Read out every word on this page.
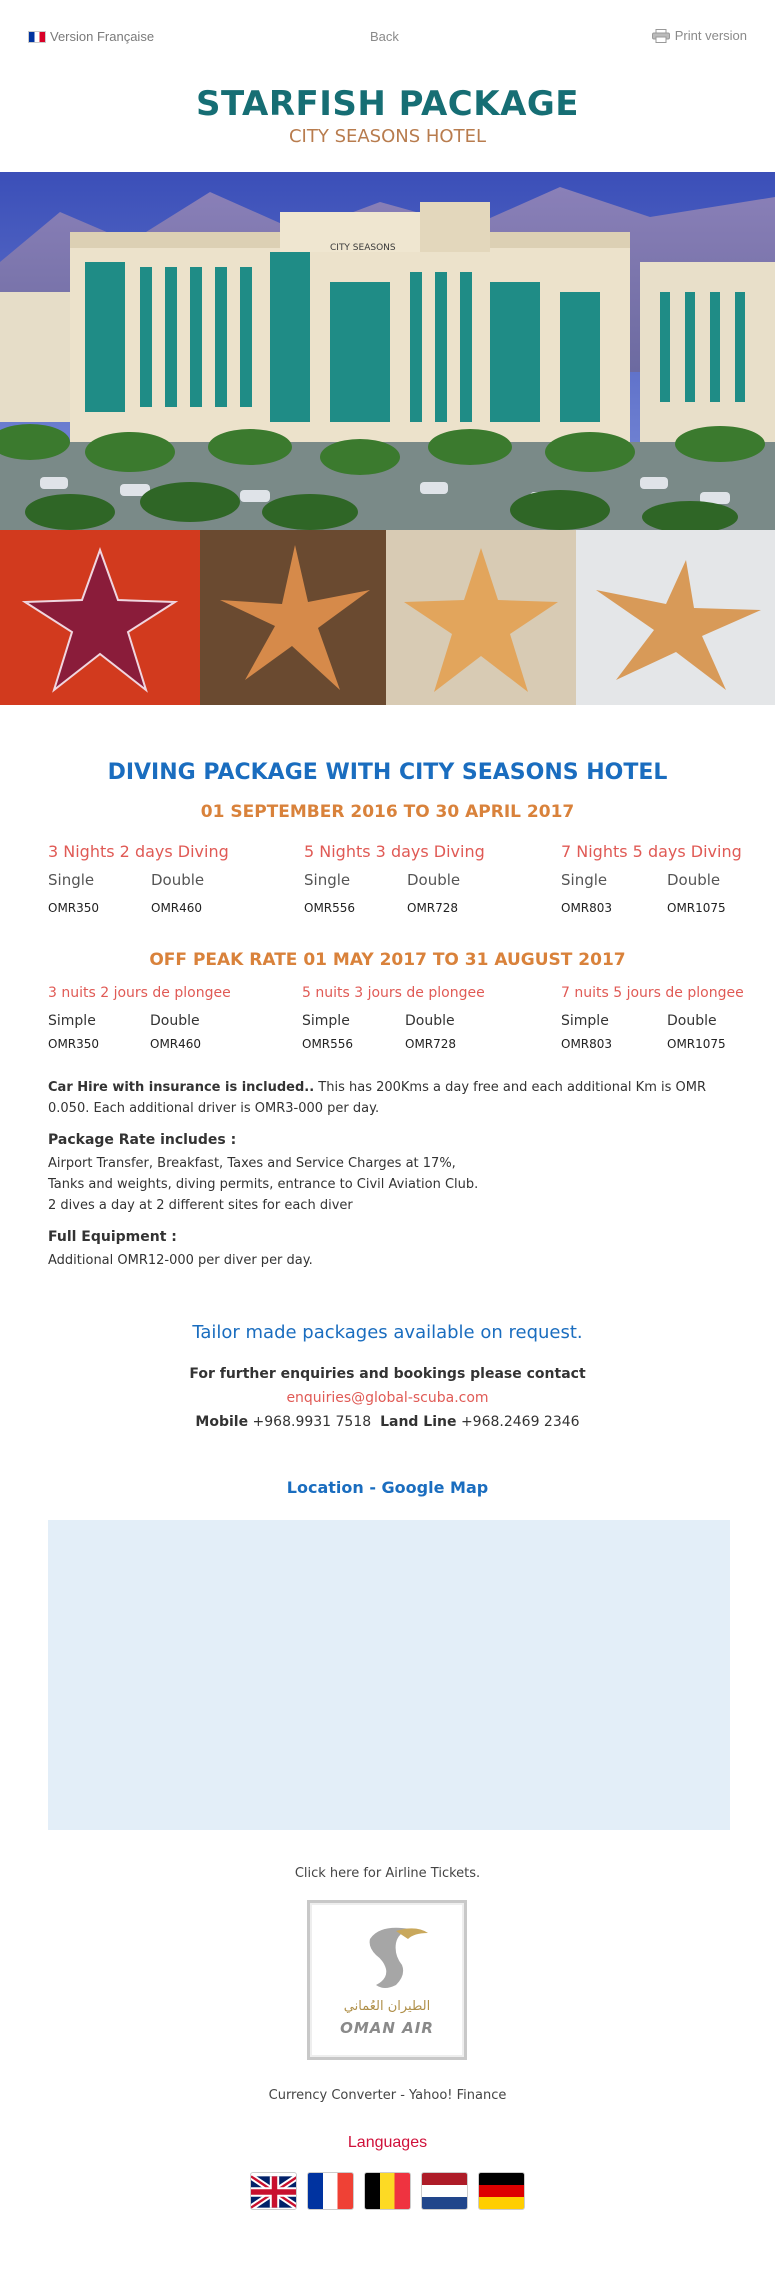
Version Française	Back	Print version
STARFISH PACKAGE
CITY SEASONS HOTEL
CITY SEASONS
DIVING PACKAGE WITH CITY SEASONS HOTEL
01 SEPTEMBER 2016 TO 30 APRIL 2017
3 Nights 2 days Diving
Single	Double
OMR350	OMR460
5 Nights 3 days Diving
Single	Double
OMR556	OMR728
7 Nights 5 days Diving
Single	Double
OMR803	OMR1075
OFF PEAK RATE 01 MAY 2017 TO 31 AUGUST 2017
3 nuits 2 jours de plongee
Simple	Double
OMR350	OMR460
5 nuits 3 jours de plongee
Simple	Double
OMR556	OMR728
7 nuits 5 jours de plongee
Simple	Double
OMR803	OMR1075
Car Hire with insurance is included.. This has 200Kms a day free and each additional Km is OMR 0.050. Each additional driver is OMR3-000 per day.
Package Rate includes :
Airport Transfer, Breakfast, Taxes and Service Charges at 17%,
Tanks and weights, diving permits, entrance to Civil Aviation Club.
2 dives a day at 2 different sites for each diver
Full Equipment :
Additional OMR12-000 per diver per day.
Tailor made packages available on request.
For further enquiries and bookings please contact
enquiries@global-scuba.com
Mobile +968.9931 7518 Land Line +968.2469 2346
Location - Google Map
Click here for Airline Tickets.
الطيران العُماني
OMAN AIR
Currency Converter - Yahoo! Finance
Languages
